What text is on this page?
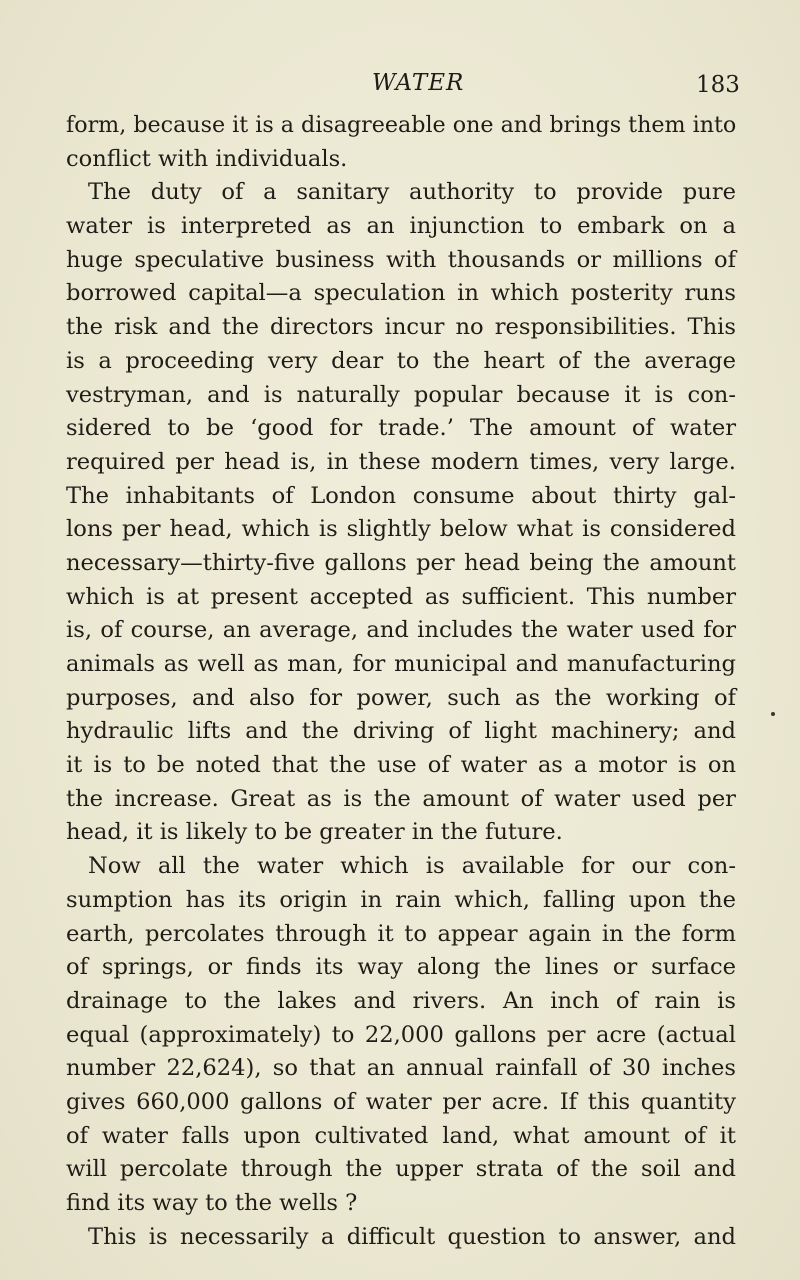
WATER	183
form, because it is a disagreeable one and brings them into
conflict with individuals.
The duty of a sanitary authority to provide pure
water is interpreted as an injunction to embark on a
huge speculative business with thousands or millions of
borrowed capital—a speculation in which posterity runs
the risk and the directors incur no responsibilities. This
is a proceeding very dear to the heart of the average
vestryman, and is naturally popular because it is con-
sidered to be ‘good for trade.’ The amount of water
required per head is, in these modern times, very large.
The inhabitants of London consume about thirty gal-
lons per head, which is slightly below what is considered
necessary—thirty-five gallons per head being the amount
which is at present accepted as sufficient. This number
is, of course, an average, and includes the water used for
animals as well as man, for municipal and manufacturing
purposes, and also for power, such as the working of
hydraulic lifts and the driving of light machinery; and
it is to be noted that the use of water as a motor is on
the increase. Great as is the amount of water used per
head, it is likely to be greater in the future.
Now all the water which is available for our con-
sumption has its origin in rain which, falling upon the
earth, percolates through it to appear again in the form
of springs, or finds its way along the lines or surface
drainage to the lakes and rivers. An inch of rain is
equal (approximately) to 22,000 gallons per acre (actual
number 22,624), so that an annual rainfall of 30 inches
gives 660,000 gallons of water per acre. If this quantity
of water falls upon cultivated land, what amount of it
will percolate through the upper strata of the soil and
find its way to the wells ?
This is necessarily a difficult question to answer, and
